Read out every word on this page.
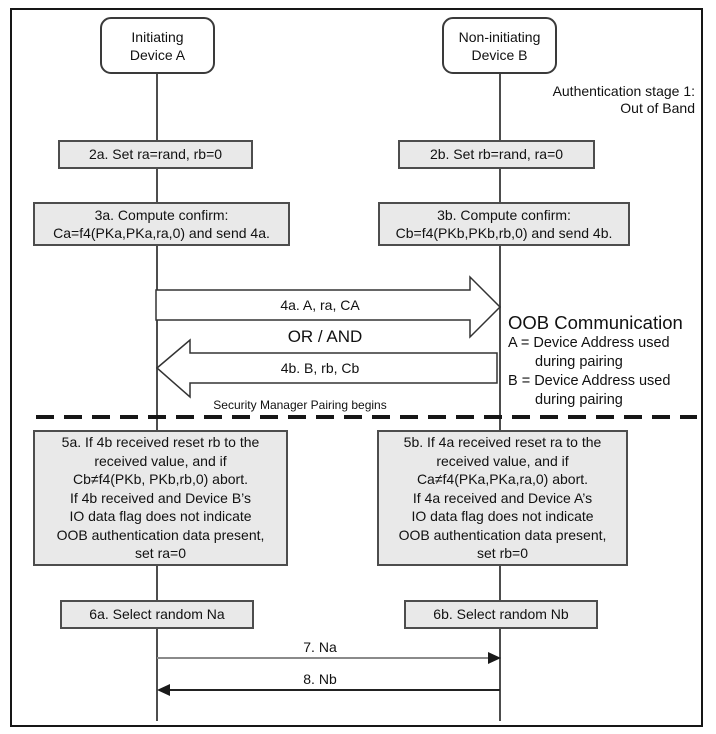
Initiating
Device A
Non-initiating
Device B
Authentication stage 1:
Out of Band
2a. Set ra=rand, rb=0	2b. Set rb=rand, ra=0
3a. Compute confirm:
Ca=f4(PKa,PKa,ra,0) and send 4a.
3b. Compute confirm:
Cb=f4(PKb,PKb,rb,0) and send 4b.
5a. If 4b received reset rb to the
received value, and if
Cb≠f4(PKb, PKb,rb,0) abort.
If 4b received and Device B’s
IO data flag does not indicate
OOB authentication data present,
set ra=0
5b. If 4a received reset ra to the
received value, and if
Ca≠f4(PKa,PKa,ra,0) abort.
If 4a received and Device A’s
IO data flag does not indicate
OOB authentication data present,
set rb=0
6a. Select random Na	6b. Select random Nb
4a. A, ra, CA
OR / AND
4b. B, rb, Cb
Security Manager Pairing begins
7. Na
8. Nb
OOB Communication
A = Device Address used
during pairing
B = Device Address used
during pairing
